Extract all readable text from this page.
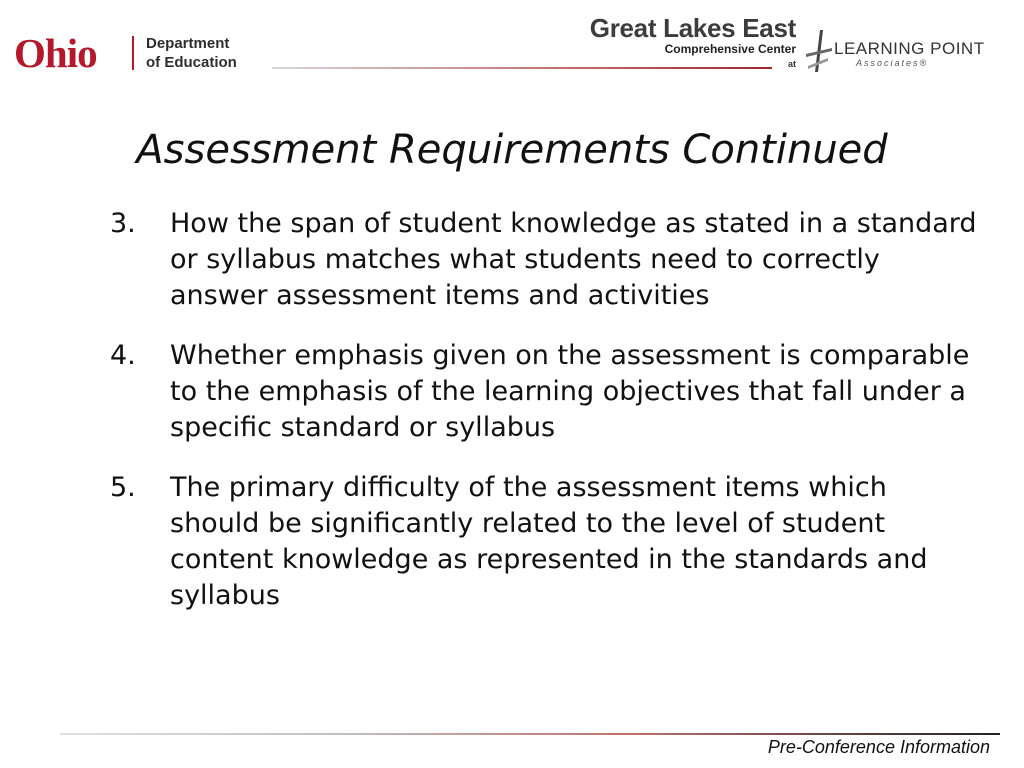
Ohio	Department
of Education
Great Lakes East
Comprehensive Center
at
LEARNING POINT
Associates®
Assessment Requirements Continued
3. How the span of student knowledge as stated in a standard or syllabus matches what students need to correctly answer assessment items and activities
4. Whether emphasis given on the assessment is comparable to the emphasis of the learning objectives that fall under a specific standard or syllabus
5. The primary difficulty of the assessment items which should be significantly related to the level of student content knowledge as represented in the standards and syllabus
Pre-Conference Information
